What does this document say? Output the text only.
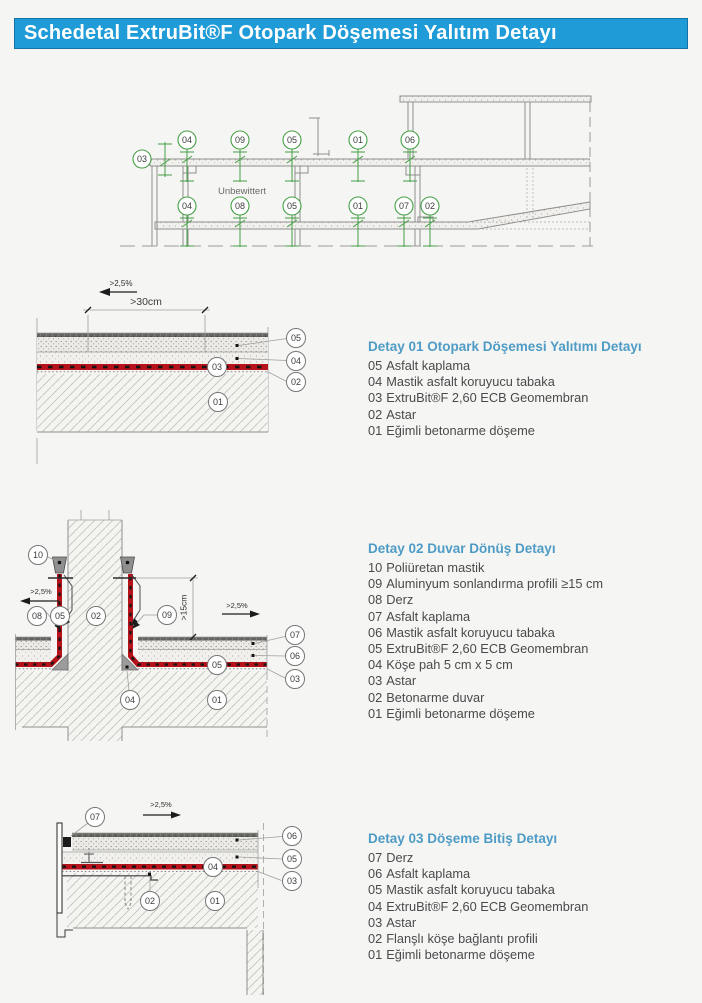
Schedetal ExtruBit®F Otopark Döşemesi Yalıtım Detayı
Unbewittert
03
04	09	05	01	06
04	08	05	01	07 02
>30cm
>2,5%
05
04
02
03
01
>15cm
>2,5%
>2,5%
10
08 05	02	09
07
06
03
05
04	01
>2,5%
07
06
05
03
04
02	01
Detay 01 Otopark Döşemesi Yalıtımı Detayı
05 Asfalt kaplama
04 Mastik asfalt koruyucu tabaka
03 ExtruBit®F 2,60 ECB Geomembran
02 Astar
01 Eğimli betonarme döşeme
Detay 02 Duvar Dönüş Detayı
10 Poliüretan mastik
09 Aluminyum sonlandırma profili ≥15 cm
08 Derz
07 Asfalt kaplama
06 Mastik asfalt koruyucu tabaka
05 ExtruBit®F 2,60 ECB Geomembran
04 Köşe pah 5 cm x 5 cm
03 Astar
02 Betonarme duvar
01 Eğimli betonarme döşeme
Detay 03 Döşeme Bitiş Detayı
07 Derz
06 Asfalt kaplama
05 Mastik asfalt koruyucu tabaka
04 ExtruBit®F 2,60 ECB Geomembran
03 Astar
02 Flanşlı köşe bağlantı profili
01 Eğimli betonarme döşeme
